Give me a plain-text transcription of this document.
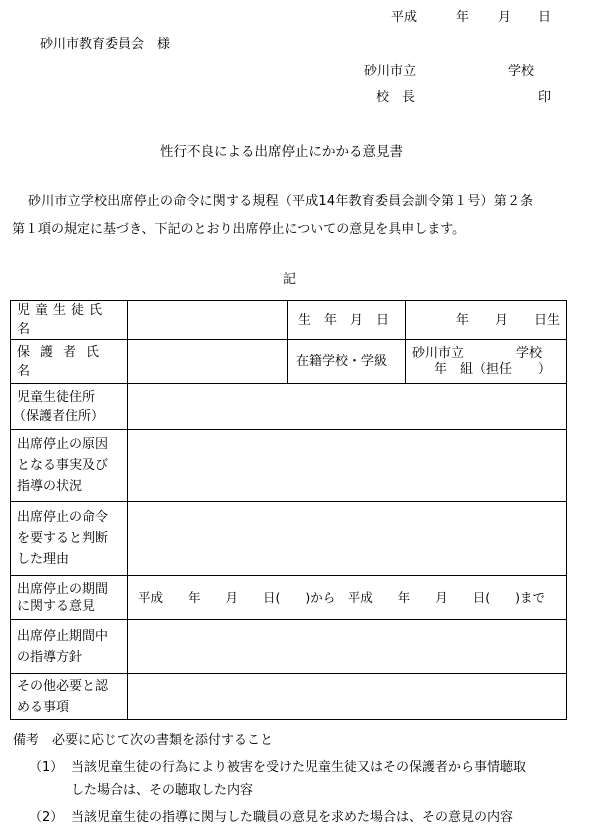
平成	年 月 日
砂川市教育委員会　様
砂川市立	学校
校　長	印
性行不良による出席停止にかかる意見書
砂川市立学校出席停止の命令に関する規程（平成14年教育委員会訓令第１号）第２条
第１項の規定に基づき、下記のとおり出席停止についての意見を具申します。
記
児童生徒氏名		生　年　月　日	年　　月　　日生
保護者氏名		在籍学校・学級	砂川市立　　　　学校
年　組（担任　　）

児童生徒住所
（保護者住所）			

出席停止の原因
となる事実及び
指導の状況			

出席停止の命令
を要すると判断
した理由			

出席停止の期間
に関する意見	平成　　年　　月　　日(　　)から　平成　　年　　月　　日(　　)まで		

出席停止期間中
の指導方針			

その他必要と認
める事項			

備考　必要に応じて次の書類を添付すること
（1） 当該児童生徒の行為により被害を受けた児童生徒又はその保護者から事情聴取
した場合は、その聴取した内容
（2） 当該児童生徒の指導に関与した職員の意見を求めた場合は、その意見の内容
